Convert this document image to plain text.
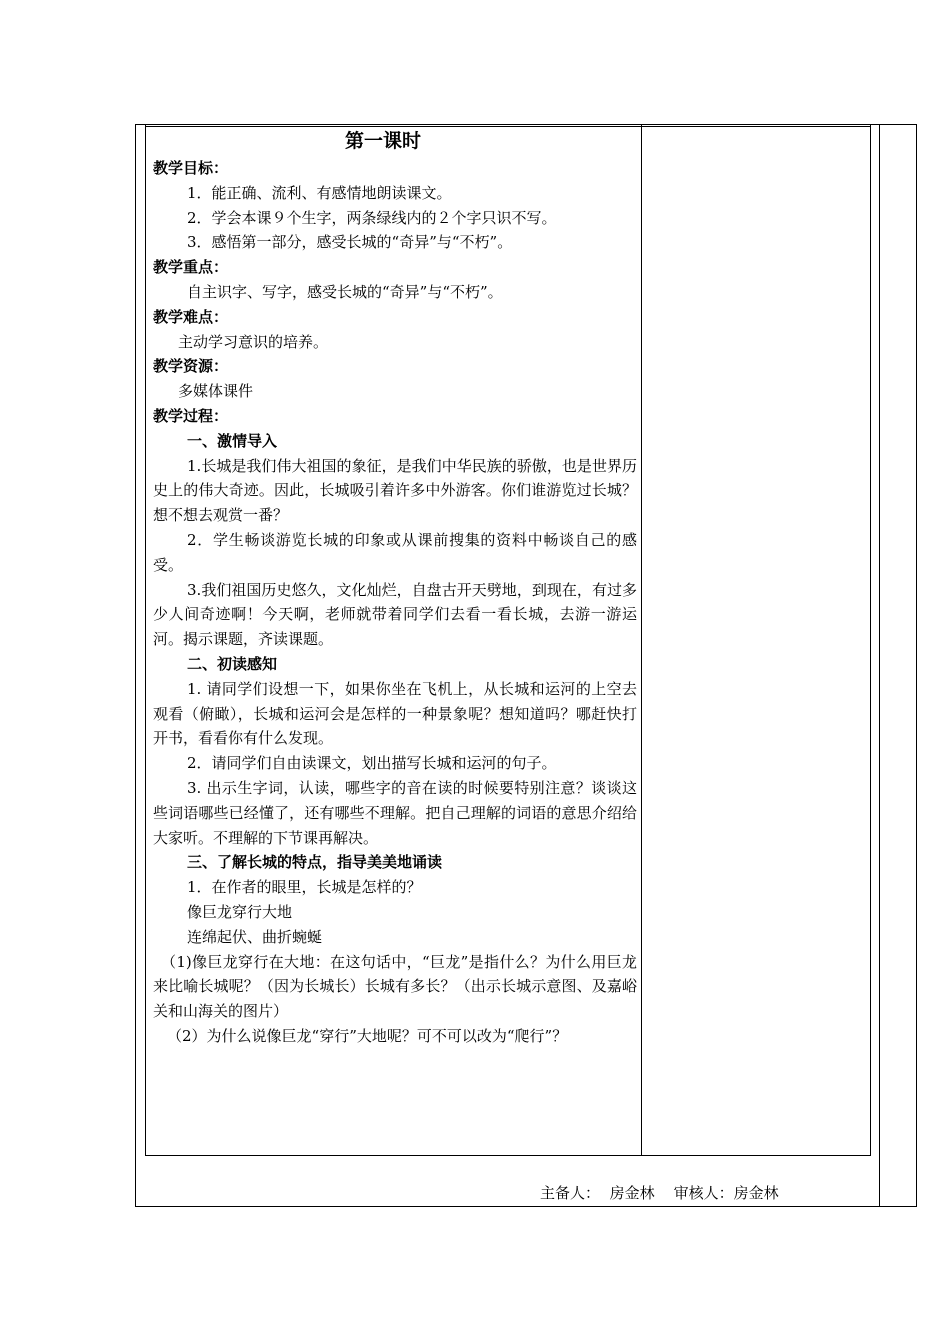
第一课时

教学目标：

1．能正确、流利、有感情地朗读课文。

2．学会本课９个生字，两条绿线内的２个字只识不写。

3．感悟第一部分，感受长城的“奇异”与“不朽”。

教学重点：

自主识字、写字，感受长城的“奇异”与“不朽”。

教学难点：

主动学习意识的培养。

教学资源：

多媒体课件

教学过程：

一、激情导入

1.长城是我们伟大祖国的象征，是我们中华民族的骄傲，也是世界历史上的伟大奇迹。因此，长城吸引着许多中外游客。你们谁游览过长城？想不想去观赏一番？

2．学生畅谈游览长城的印象或从课前搜集的资料中畅谈自己的感受。

3.我们祖国历史悠久，文化灿烂，自盘古开天劈地，到现在，有过多少人间奇迹啊！今天啊，老师就带着同学们去看一看长城，去游一游运河。揭示课题，齐读课题。

二、初读感知

1. 请同学们设想一下，如果你坐在飞机上，从长城和运河的上空去观看（俯瞰），长城和运河会是怎样的一种景象呢？想知道吗？哪赶快打开书，看看你有什么发现。

2．请同学们自由读课文，划出描写长城和运河的句子。

3. 出示生字词，认读，哪些字的音在读的时候要特别注意？谈谈这些词语哪些已经懂了，还有哪些不理解。把自己理解的词语的意思介绍给大家听。不理解的下节课再解决。

三、了解长城的特点，指导美美地诵读

1．在作者的眼里，长城是怎样的？

像巨龙穿行大地

连绵起伏、曲折蜿蜒

（1)像巨龙穿行在大地：在这句话中，“巨龙”是指什么？为什么用巨龙来比喻长城呢？（因为长城长）长城有多长？（出示长城示意图、及嘉峪关和山海关的图片）

（2）为什么说像巨龙“穿行”大地呢？可不可以改为“爬行”？

主备人： 房金林 审核人：房金林
